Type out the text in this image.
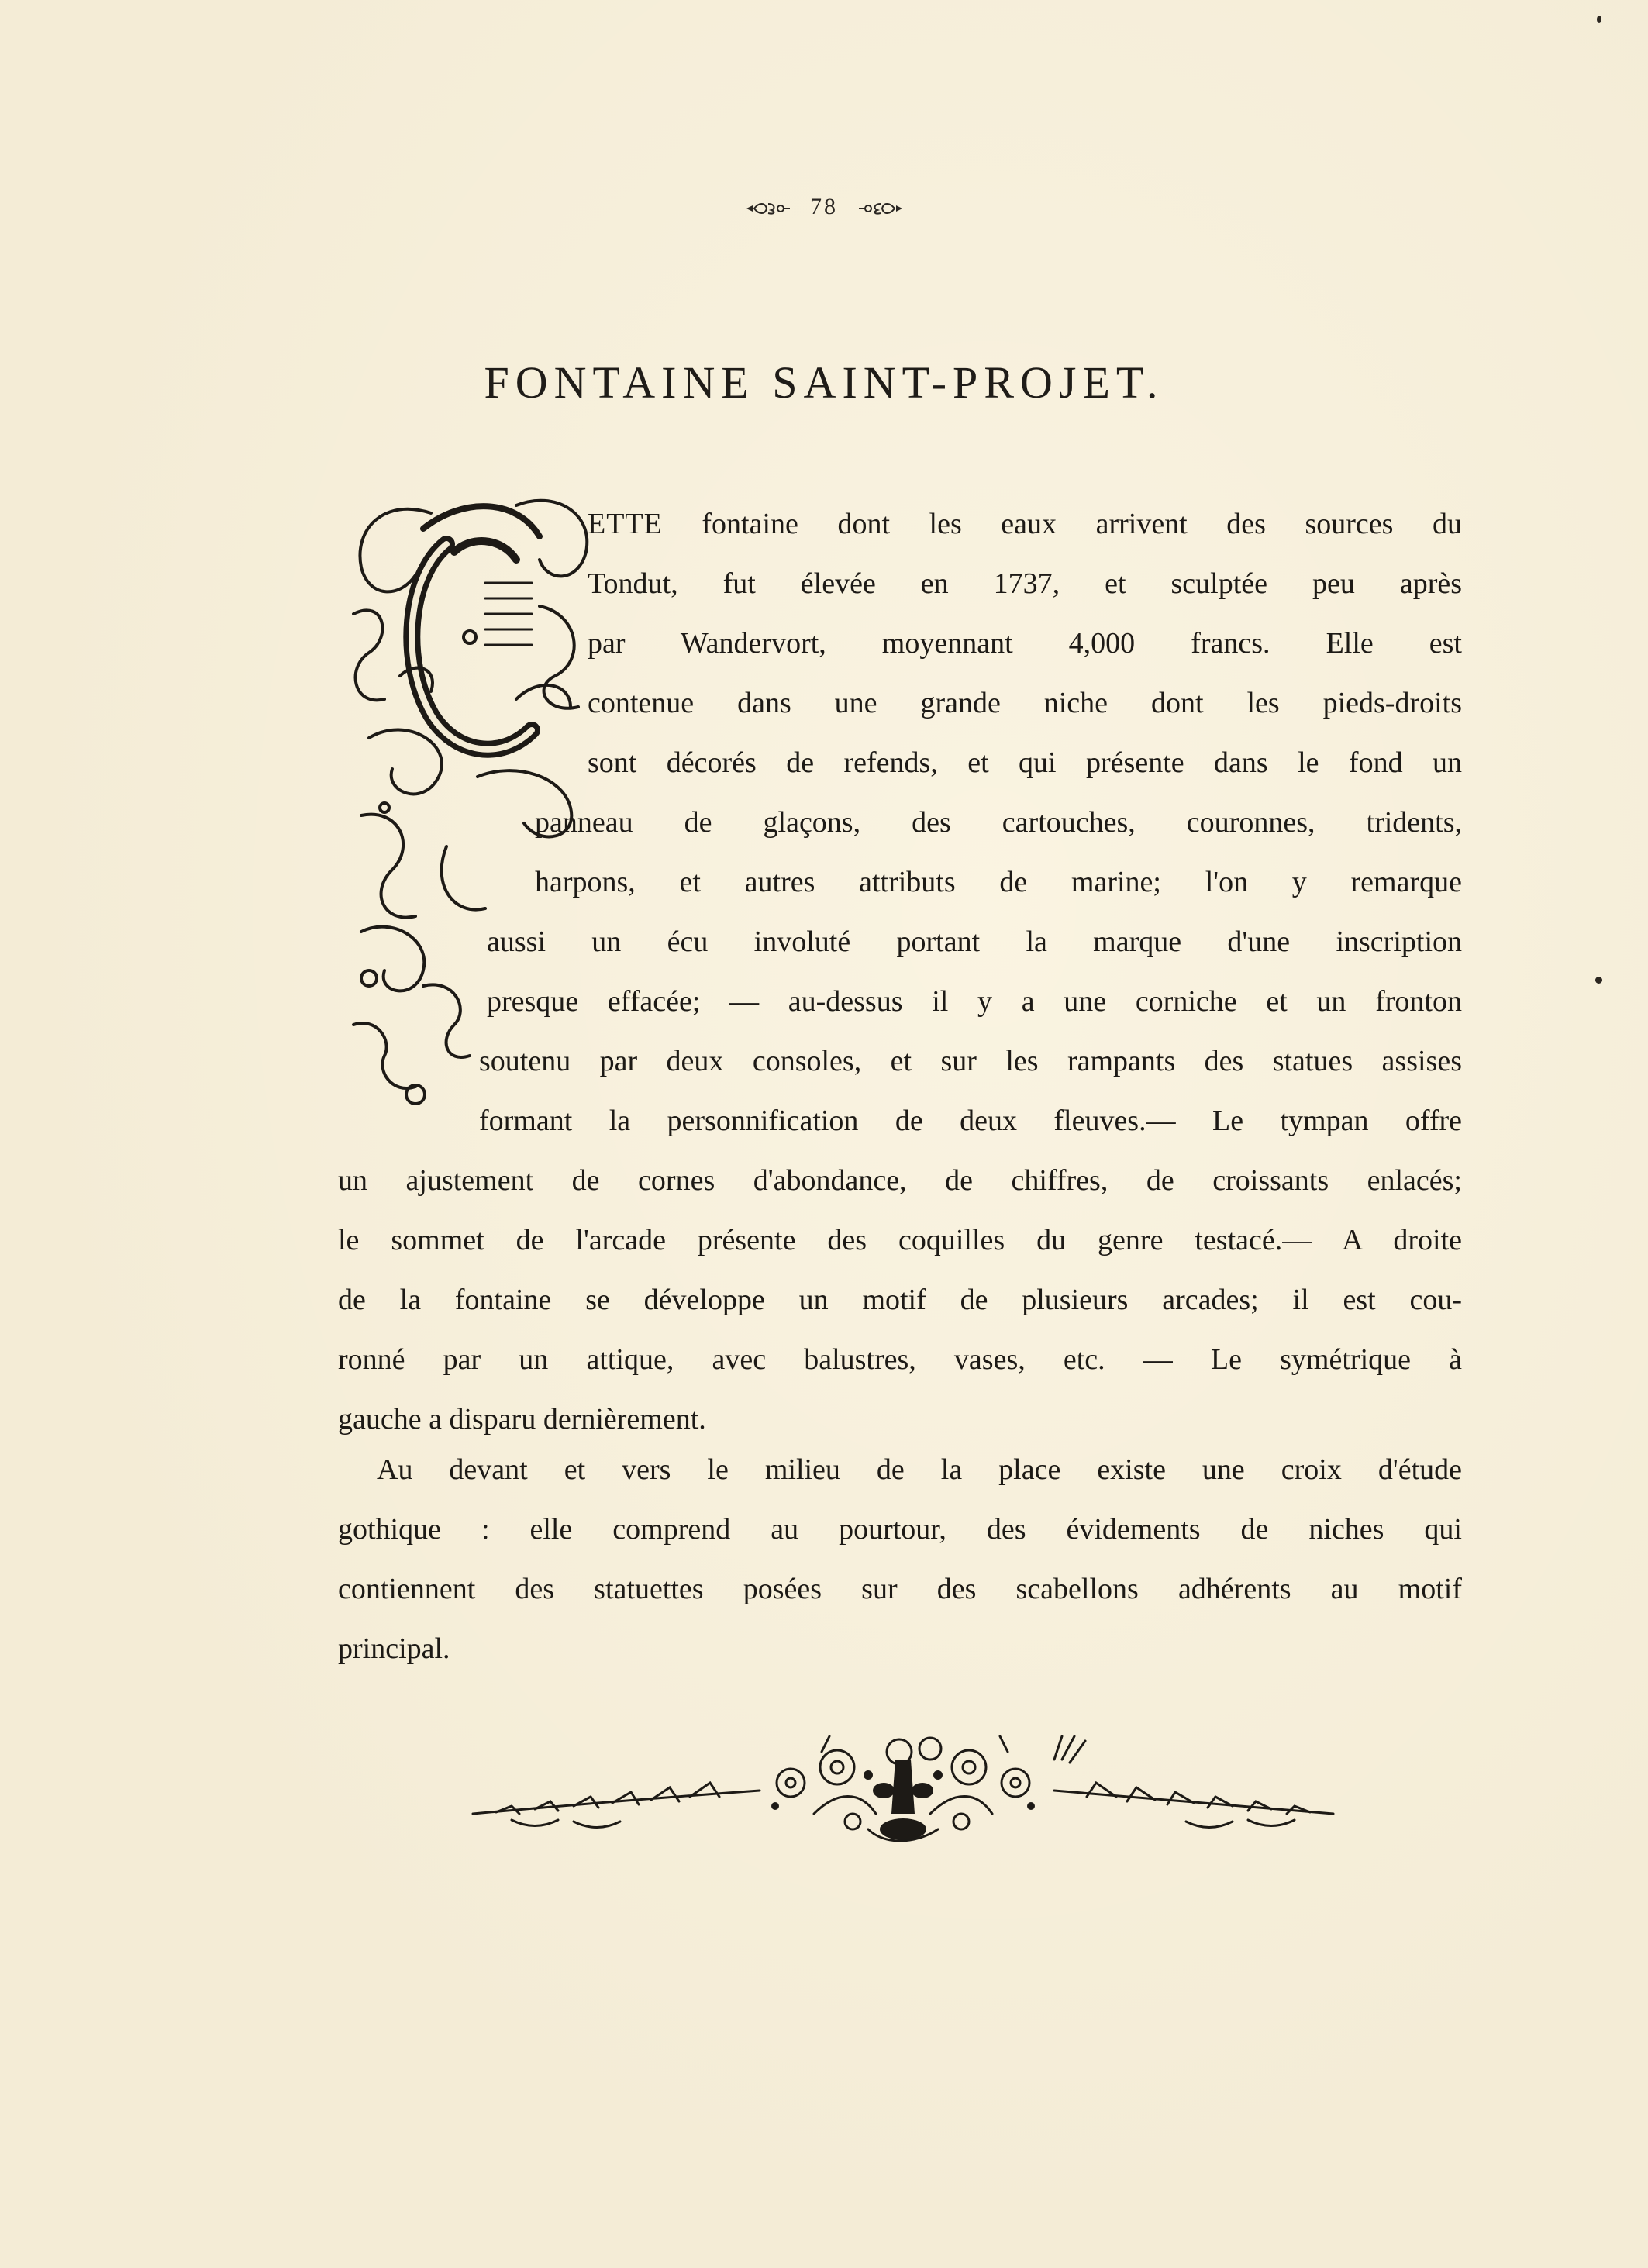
78
FONTAINE SAINT-PROJET.
ETTE fontaine dont les eaux arrivent des sources du
Tondut, fut élevée en 1737, et sculptée peu après
par Wandervort, moyennant 4,000 francs. Elle est
contenue dans une grande niche dont les pieds-droits
sont décorés de refends, et qui présente dans le fond un
panneau de glaçons, des cartouches, couronnes, tridents,
harpons, et autres attributs de marine; l'on y remarque
aussi un écu involuté portant la marque d'une inscription
presque effacée; — au-dessus il y a une corniche et un fronton
soutenu par deux consoles, et sur les rampants des statues assises
formant la personnification de deux fleuves.— Le tympan offre
un ajustement de cornes d'abondance, de chiffres, de croissants enlacés;
le sommet de l'arcade présente des coquilles du genre testacé.— A droite
de la fontaine se développe un motif de plusieurs arcades; il est cou-
ronné par un attique, avec balustres, vases, etc. — Le symétrique à
gauche a disparu dernièrement.
Au devant et vers le milieu de la place existe une croix d'étude
gothique : elle comprend au pourtour, des évidements de niches qui
contiennent des statuettes posées sur des scabellons adhérents au motif
principal.
